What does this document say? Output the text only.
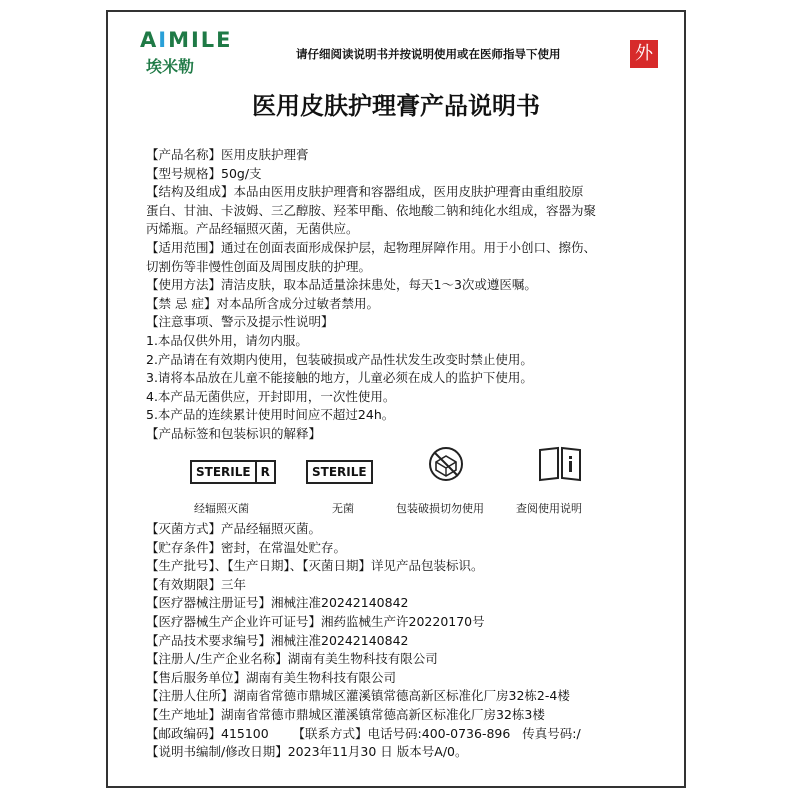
AIMILE
埃米勒
请仔细阅读说明书并按说明使用或在医师指导下使用	外
医用皮肤护理膏产品说明书
【产品名称】医用皮肤护理膏
【型号规格】50g/支
【结构及组成】本品由医用皮肤护理膏和容器组成，医用皮肤护理膏由重组胶原
蛋白、甘油、卡波姆、三乙醇胺、羟苯甲酯、依地酸二钠和纯化水组成，容器为聚
丙烯瓶。产品经辐照灭菌，无菌供应。
【适用范围】通过在创面表面形成保护层，起物理屏障作用。用于小创口、擦伤、
切割伤等非慢性创面及周围皮肤的护理。
【使用方法】清洁皮肤，取本品适量涂抹患处，每天1～3次或遵医嘱。
【禁 忌 症】对本品所含成分过敏者禁用。
【注意事项、警示及提示性说明】
1.本品仅供外用，请勿内服。
2.产品请在有效期内使用，包装破损或产品性状发生改变时禁止使用。
3.请将本品放在儿童不能接触的地方，儿童必须在成人的监护下使用。
4.本产品无菌供应，开封即用，一次性使用。
5.本产品的连续累计使用时间应不超过24h。
【产品标签和包装标识的解释】
STERILE R
经辐照灭菌
STERILE
无菌	包装破损切勿使用	查阅使用说明
【灭菌方式】产品经辐照灭菌。
【贮存条件】密封，在常温处贮存。
【生产批号】、【生产日期】、【灭菌日期】详见产品包装标识。
【有效期限】三年
【医疗器械注册证号】湘械注准20242140842
【医疗器械生产企业许可证号】湘药监械生产许20220170号
【产品技术要求编号】湘械注准20242140842
【注册人/生产企业名称】湖南有美生物科技有限公司
【售后服务单位】湖南有美生物科技有限公司
【注册人住所】湖南省常德市鼎城区灌溪镇常德高新区标准化厂房32栋2-4楼
【生产地址】湖南省常德市鼎城区灌溪镇常德高新区标准化厂房32栋3楼
【邮政编码】415100      【联系方式】电话号码:400-0736-896   传真号码:/
【说明书编制/修改日期】2023年11月30 日 版本号A/0。
